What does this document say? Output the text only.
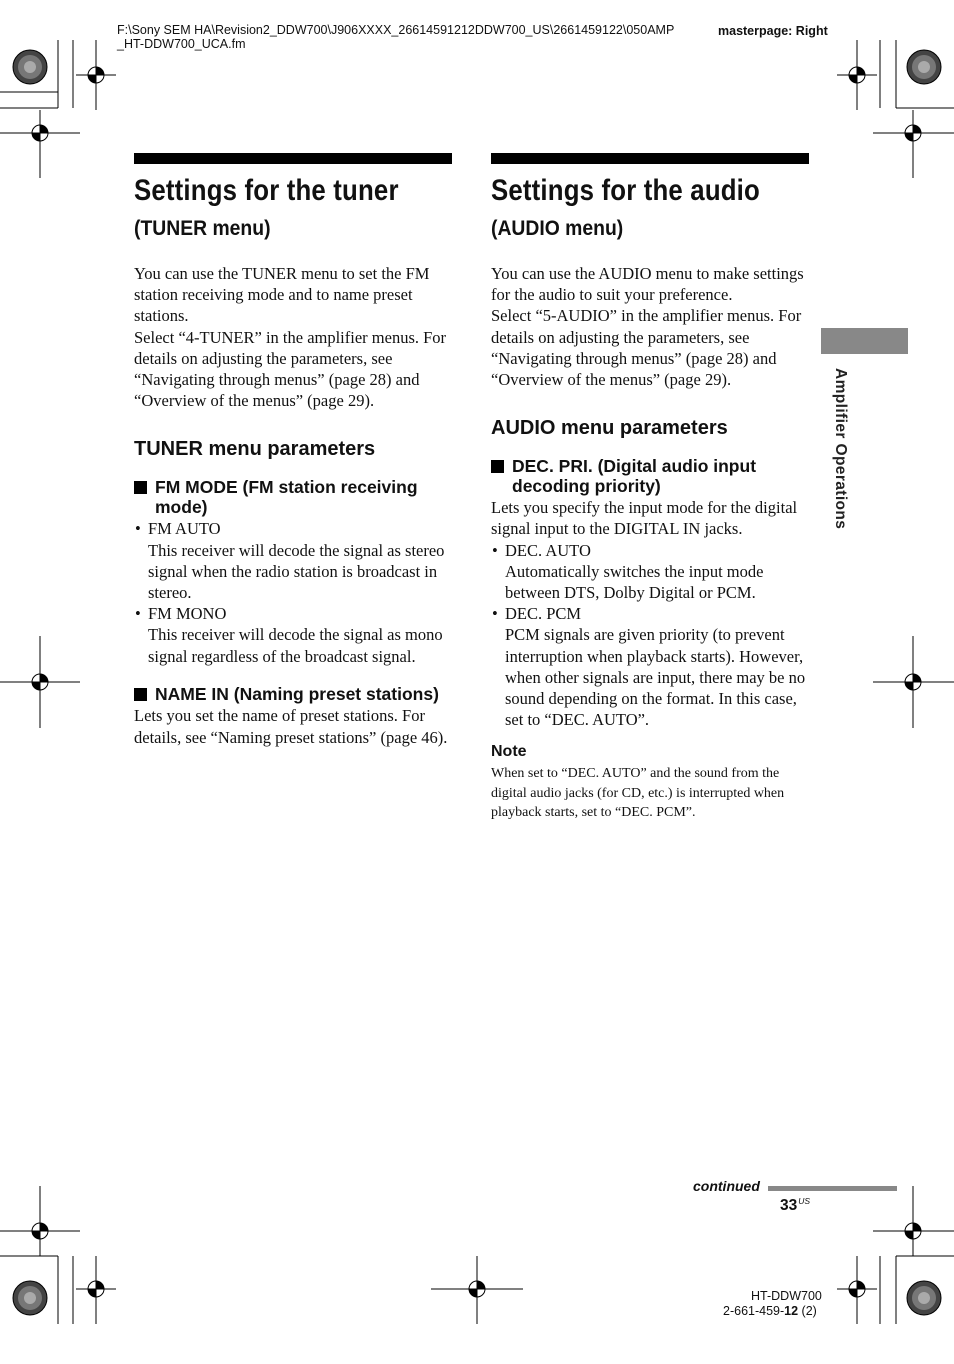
F:\Sony SEM HA\Revision2_DDW700\J906XXXX_26614591212DDW700_US\2661459122\050AMP_HT-DDW700_UCA.fm
masterpage: Right
Settings for the tuner
(TUNER menu)

You can use the TUNER menu to set the FM station receiving mode and to name preset stations.

Select “4-TUNER” in the amplifier menus. For details on adjusting the parameters, see “Navigating through menus” (page 28) and “Overview of the menus” (page 29).

TUNER menu parameters
FM MODE (FM station receiving mode)
• FM AUTO

This receiver will decode the signal as stereo signal when the radio station is broadcast in stereo.

• FM MONO

This receiver will decode the signal as mono signal regardless of the broadcast signal.

NAME IN (Naming preset stations)

Lets you set the name of preset stations. For details, see “Naming preset stations” (page 46).

Settings for the audio
(AUDIO menu)

You can use the AUDIO menu to make settings for the audio to suit your preference.

Select “5-AUDIO” in the amplifier menus. For details on adjusting the parameters, see “Navigating through menus” (page 28) and “Overview of the menus” (page 29).

AUDIO menu parameters
DEC. PRI. (Digital audio input decoding priority)

Lets you specify the input mode for the digital signal input to the DIGITAL IN jacks.

• DEC. AUTO

Automatically switches the input mode between DTS, Dolby Digital or PCM.

• DEC. PCM

PCM signals are given priority (to prevent interruption when playback starts). However, when other signals are input, there may be no sound depending on the format. In this case, set to “DEC. AUTO”.

Note
When set to “DEC. AUTO” and the sound from the digital audio jacks (for CD, etc.) is interrupted when playback starts, set to “DEC. PCM”.
Amplifier Operations
continued
$33^{US}$
HT-DDW700
2-661-459-12 (2)
